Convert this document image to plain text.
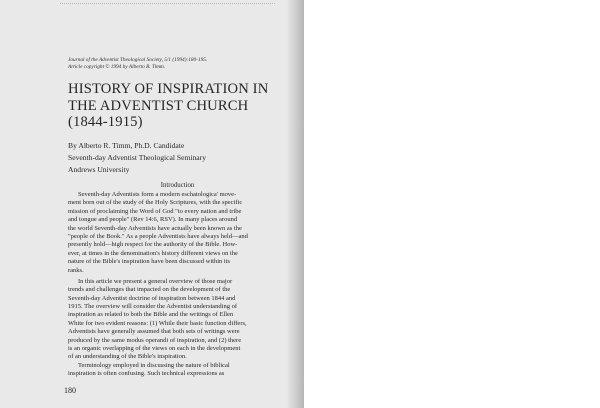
Journal of the Adventist Theological Society, 5/1 (1994):180-195.
Article copyright © 1994 by Alberto R. Timm.
HISTORY OF INSPIRATION IN
THE ADVENTIST CHURCH
(1844-1915)
By Alberto R. Timm, Ph.D. Candidate
Seventh-day Adventist Theological Seminary
Andrews University
Introduction
Seventh-day Adventists form a modern eschatologica' move-
ment born out of the study of the Holy Scriptures, with the specific
mission of proclaiming the Word of God "to every nation and tribe
and tongue and people" (Rev 14:6, RSV). In many places around
the world Seventh-day Adventists have actually been known as the
"people of the Book." As a people Adventists have always held—and
presently hold—high respect for the authority of the Bible. How-
ever, at times in the denomination's history different views on the
nature of the Bible's inspiration have been discussed within its
ranks.
In this article we present a general overview of those major
trends and challenges that impacted on the development of the
Seventh-day Adventist doctrine of inspiration between 1844 and
1915. The overview will consider the Adventist understanding of
inspiration as related to both the Bible and the writings of Ellen
White for two evident reasons: (1) While their basic function differs,
Adventists have generally assumed that both sets of writings were
produced by the same modus operandi of inspiration, and (2) there
is an organic overlapping of the views on each in the development
of an understanding of the Bible's inspiration.
Terminology employed in discussing the nature of biblical
inspiration is often confusing. Such technical expressions as
180
